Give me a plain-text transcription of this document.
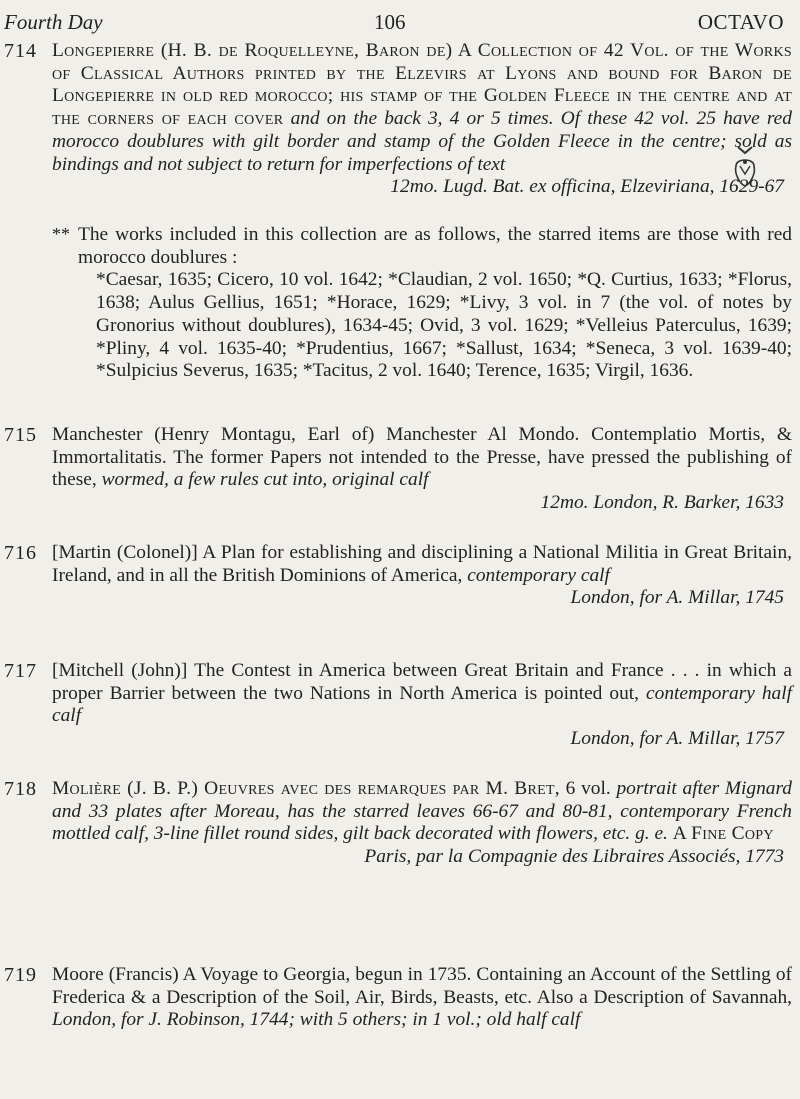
Fourth Day	106	OCTAVO
714 Longepierre (H. B. de Roquelleyne, Baron de) A Collection of 42 Vol. of the Works of Classical Authors printed by the Elzevirs at Lyons and bound for Baron de Longepierre in old red morocco; his stamp of the Golden Fleece in the centre and at the corners of each cover and on the back 3, 4 or 5 times. Of these 42 vol. 25 have red morocco doublures with gilt border and stamp of the Golden Fleece in the centre; sold as bindings and not subject to return for imperfections of text
12mo. Lugd. Bat. ex officina, Elzeviriana, 1629-67
** The works included in this collection are as follows, the starred items are those with red morocco doublures :
*Caesar, 1635; Cicero, 10 vol. 1642; *Claudian, 2 vol. 1650; *Q. Curtius, 1633; *Florus, 1638; Aulus Gellius, 1651; *Horace, 1629; *Livy, 3 vol. in 7 (the vol. of notes by Gronorius without doublures), 1634-45; Ovid, 3 vol. 1629; *Velleius Paterculus, 1639; *Pliny, 4 vol. 1635-40; *Prudentius, 1667; *Sallust, 1634; *Seneca, 3 vol. 1639-40; *Sulpicius Severus, 1635; *Tacitus, 2 vol. 1640; Terence, 1635; Virgil, 1636.
715 Manchester (Henry Montagu, Earl of) Manchester Al Mondo. Contemplatio Mortis, & Immortalitatis. The former Papers not intended to the Presse, have pressed the publishing of these, wormed, a few rules cut into, original calf
12mo. London, R. Barker, 1633
716 [Martin (Colonel)] A Plan for establishing and disciplining a National Militia in Great Britain, Ireland, and in all the British Dominions of America, contemporary calf
London, for A. Millar, 1745
717 [Mitchell (John)] The Contest in America between Great Britain and France . . . in which a proper Barrier between the two Nations in North America is pointed out, contemporary half calf
London, for A. Millar, 1757
718 Molière (J. B. P.) Oeuvres avec des remarques par M. Bret, 6 vol. portrait after Mignard and 33 plates after Moreau, has the starred leaves 66-67 and 80-81, contemporary French mottled calf, 3-line fillet round sides, gilt back decorated with flowers, etc. g. e. A Fine Copy
Paris, par la Compagnie des Libraires Associés, 1773
719 Moore (Francis) A Voyage to Georgia, begun in 1735. Containing an Account of the Settling of Frederica & a Description of the Soil, Air, Birds, Beasts, etc. Also a Description of Savannah, London, for J. Robinson, 1744; with 5 others; in 1 vol.; old half calf
